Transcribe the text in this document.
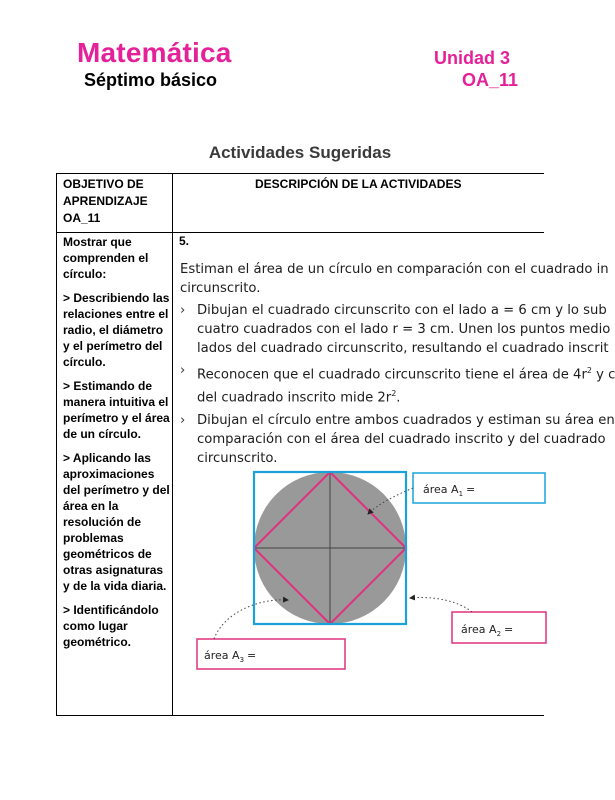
Matemática
Séptimo básico
Unidad 3
OA_11
Actividades Sugeridas
OBJETIVO DE
APRENDIZAJE
OA_11
DESCRIPCIÓN DE LA ACTIVIDADES

Mostrar que comprenden el círculo:

> Describiendo las relaciones entre el radio, el diámetro y el perímetro del círculo.

> Estimando de manera intuitiva el perímetro y el área de un círculo.

> Aplicando las aproximaciones del perímetro y del área en la resolución de problemas geométricos de otras asignaturas y de la vida diaria.

> Identificándolo como lugar geométrico.

5.
Estiman el área de un círculo en comparación con el cuadrado in
circunscrito.
› Dibujan el cuadrado circunscrito con el lado a = 6 cm y lo sub
cuatro cuadrados con el lado r = 3 cm. Unen los puntos medio
lados del cuadrado circunscrito, resultando el cuadrado inscrit
› Reconocen que el cuadrado circunscrito tiene el área de $4r^2$ y c
del cuadrado inscrito mide $2r^2$.
› Dibujan el círculo entre ambos cuadrados y estiman su área en
comparación con el área del cuadrado inscrito y del cuadrado
circunscrito.
área $A_1$ =
área $A_2$ =
área $A_3$ =
